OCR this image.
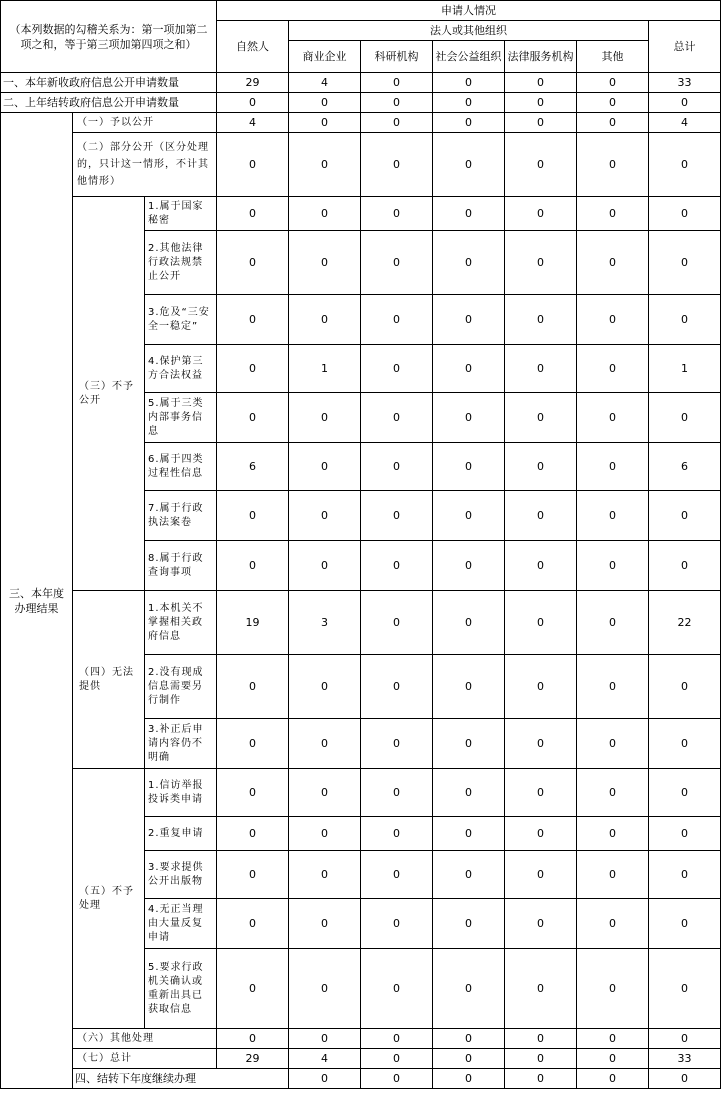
（本列数据的勾稽关系为：第一项加第二项之和，等于第三项加第四项之和）			申请人情况							
			自然人	法人或其他组织					总计	
				商业企业	科研机构	社会公益组织	法律服务机构	其他		
一、本年新收政府信息公开申请数量			29	4	0	0	0	0	33	
二、上年结转政府信息公开申请数量			0	0	0	0	0	0	0	
三、本年度办理结果	（一）予以公开		4	0	0	0	0	0	4	
	（二）部分公开（区分处理的，只计这一情形，不计其他情形）		0	0	0	0	0	0	0	
	（三）不予公开	1.属于国家秘密	0	0	0	0	0	0	0	
		2.其他法律行政法规禁止公开	0	0	0	0	0	0	0	
		3.危及“三安全一稳定”	0	0	0	0	0	0	0	
		4.保护第三方合法权益	0	1	0	0	0	0	1	
		5.属于三类内部事务信息	0	0	0	0	0	0	0	
		6.属于四类过程性信息	6	0	0	0	0	0	6	
		7.属于行政执法案卷	0	0	0	0	0	0	0	
		8.属于行政查询事项	0	0	0	0	0	0	0	
	（四）无法提供	1.本机关不掌握相关政府信息	19	3	0	0	0	0	22	
		2.没有现成信息需要另行制作	0	0	0	0	0	0	0	
		3.补正后申请内容仍不明确	0	0	0	0	0	0	0	
	（五）不予处理	1.信访举报投诉类申请	0	0	0	0	0	0	0	
		2.重复申请	0	0	0	0	0	0	0	
		3.要求提供公开出版物	0	0	0	0	0	0	0	
		4.无正当理由大量反复申请	0	0	0	0	0	0	0	
		5.要求行政机关确认或重新出具已获取信息	0	0	0	0	0	0	0	
	（六）其他处理		0	0	0	0	0	0	0	
	（七）总计		29	4	0	0	0	0	33	
	四、结转下年度继续办理			0	0	0	0	0	0	
